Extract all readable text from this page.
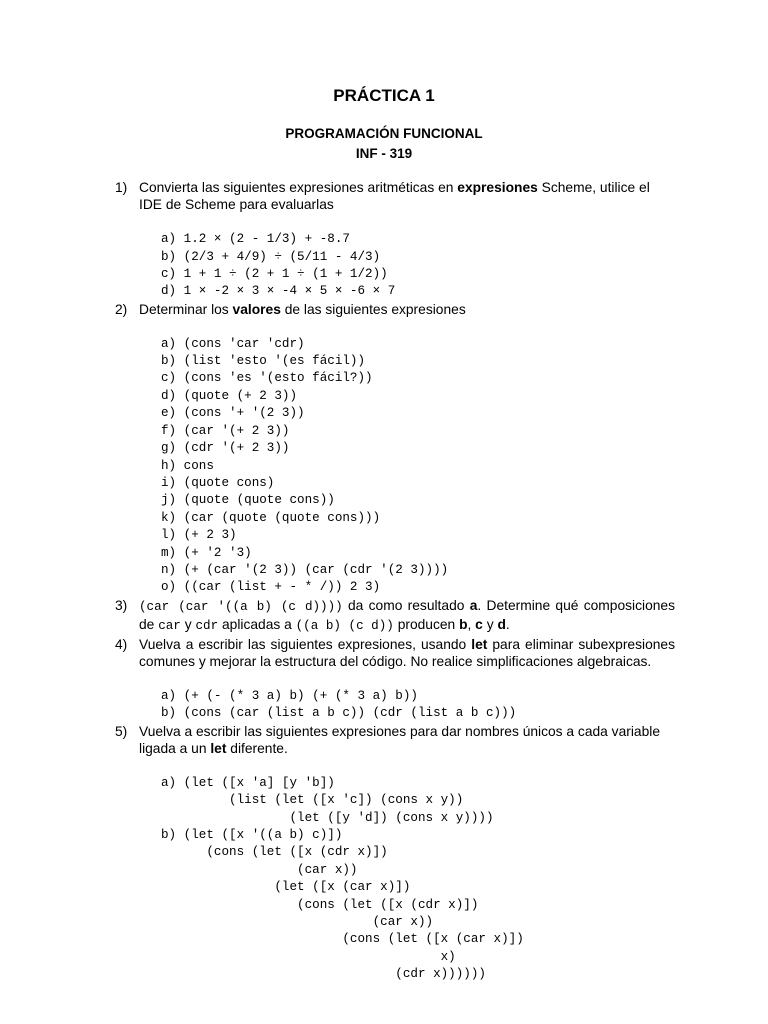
PRÁCTICA 1
PROGRAMACIÓN FUNCIONAL
INF - 319
1) Convierta las siguientes expresiones aritméticas en expresiones Scheme, utilice el IDE de Scheme para evaluarlas

a) 1.2 × (2 - 1/3) + -8.7
b) (2/3 + 4/9) ÷ (5/11 - 4/3)
c) 1 + 1 ÷ (2 + 1 ÷ (1 + 1/2))
d) 1 × -2 × 3 × -4 × 5 × -6 × 7
2) Determinar los valores de las siguientes expresiones

a) (cons 'car 'cdr)
b) (list 'esto '(es fácil))
c) (cons 'es '(esto fácil?))
d) (quote (+ 2 3))
e) (cons '+ '(2 3))
f) (car '(+ 2 3))
g) (cdr '(+ 2 3))
h) cons
i) (quote cons)
j) (quote (quote cons))
k) (car (quote (quote cons)))
l) (+ 2 3)
m) (+ '2 '3)
n) (+ (car '(2 3)) (car (cdr '(2 3))))
o) ((car (list + - * /)) 2 3)
3) (car (car '((a b) (c d)))) da como resultado a. Determine qué composiciones de car y cdr aplicadas a ((a b) (c d)) producen b, c y d.
4) Vuelva a escribir las siguientes expresiones, usando let para eliminar subexpresiones comunes y mejorar la estructura del código. No realice simplificaciones algebraicas.

a) (+ (- (* 3 a) b) (+ (* 3 a) b))
b) (cons (car (list a b c)) (cdr (list a b c)))
5) Vuelva a escribir las siguientes expresiones para dar nombres únicos a cada variable ligada a un let diferente.

a) (let ([x 'a] [y 'b])
(list (let ([x 'c]) (cons x y))
(let ([y 'd]) (cons x y))))
b) (let ([x '((a b) c)])
(cons (let ([x (cdr x)])
(car x))
(let ([x (car x)])
(cons (let ([x (cdr x)])
(car x))
(cons (let ([x (car x)])
x)
(cdr x))))))
